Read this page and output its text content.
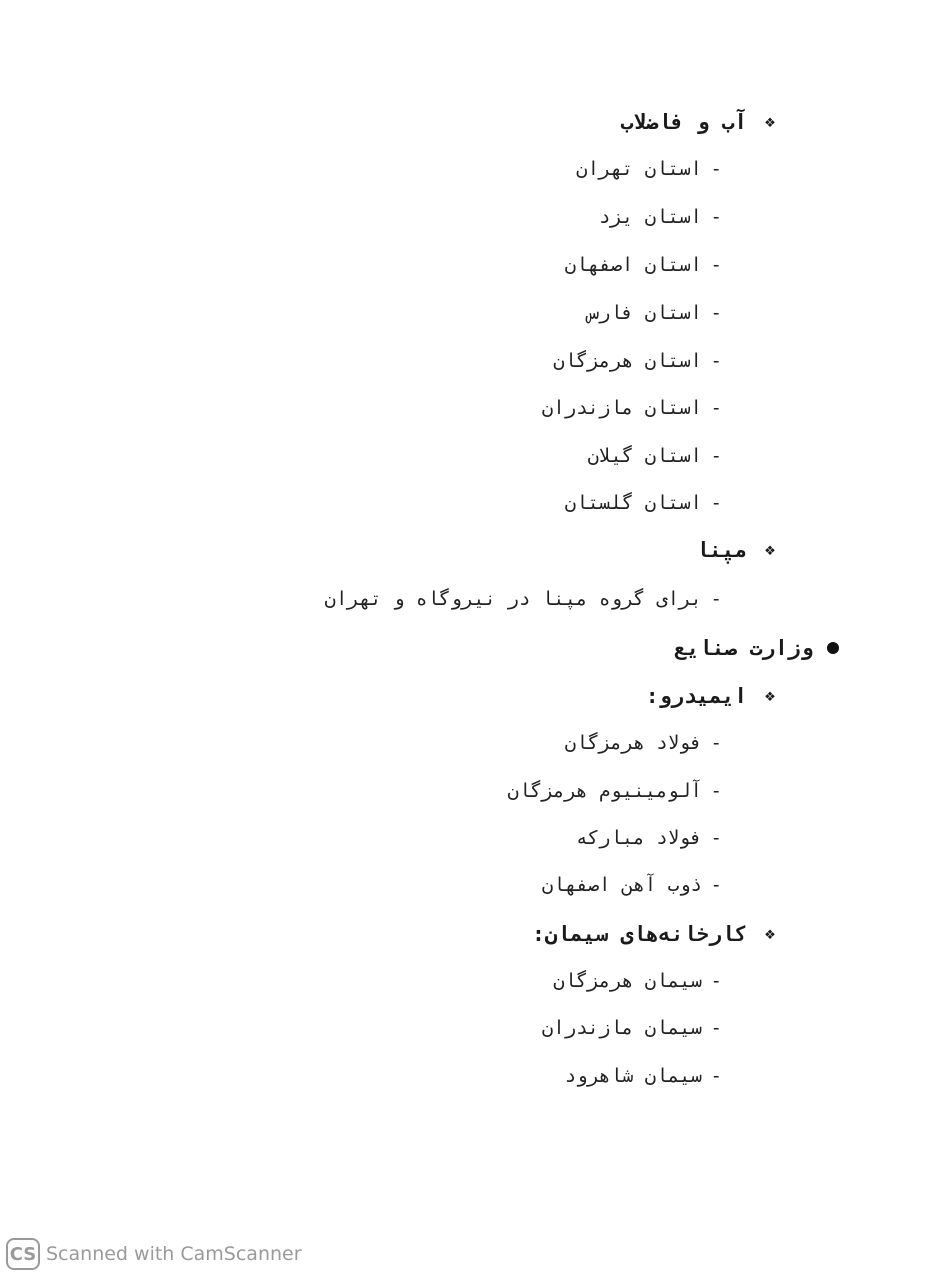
❖
آب و فاضلاب
-
استان تهران
-
استان یزد
-
استان اصفهان
-
استان فارس
-
استان هرمزگان
-
استان مازندران
-
استان گیلان
-
استان گلستان
❖
مپنا
-
برای گروه مپنا در نیروگاه و تهران
وزارت صنایع
❖
ایمیدرو:
-
فولاد هرمزگان
-
آلومینیوم هرمزگان
-
فولاد مبارکه
-
ذوب آهن اصفهان
❖
کارخانه‌های سیمان:
-
سیمان هرمزگان
-
سیمان مازندران
-
سیمان شاهرود
CS Scanned with CamScanner
